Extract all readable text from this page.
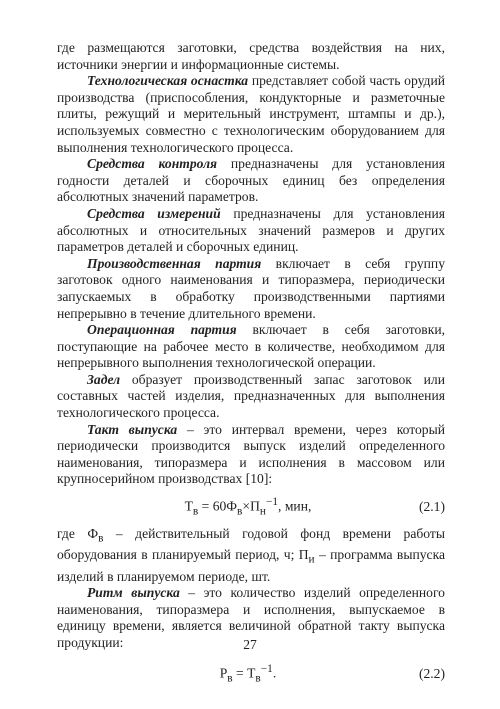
где размещаются заготовки, средства воздействия на них, источники энергии и информационные системы.

Технологическая оснастка представляет собой часть орудий производства (приспособления, кондукторные и разметочные плиты, режущий и мерительный инструмент, штампы и др.), используемых совместно с технологическим оборудованием для выполнения технологического процесса.

Средства контроля предназначены для установления годности деталей и сборочных единиц без определения абсолютных значений параметров.

Средства измерений предназначены для установления абсолютных и относительных значений размеров и других параметров деталей и сборочных единиц.

Производственная партия включает в себя группу заготовок одного наименования и типоразмера, периодически запускаемых в обработку производственными партиями непрерывно в течение длительного времени.

Операционная партия включает в себя заготовки, поступающие на рабочее место в количестве, необходимом для непрерывного выполнения технологической операции.

Задел образует производственный запас заготовок или составных частей изделия, предназначенных для выполнения технологического процесса.

Такт выпуска – это интервал времени, через который периодически производится выпуск изделий определенного наименования, типоразмера и исполнения в массовом или крупносерийном производствах [10]:

$Т_в = 60Ф_в\times П_н^{-1}$, мин,	(2.1)

где $Ф_в$ – действительный годовой фонд времени работы оборудования в планируемый период, ч; $П_и$ – программа выпуска изделий в планируемом периоде, шт.

Ритм выпуска – это количество изделий определенного наименования, типоразмера и исполнения, выпускаемое в единицу времени, является величиной обратной такту выпуска продукции:

$Р_в = Т_в^{-1}$.	(2.2)
27
